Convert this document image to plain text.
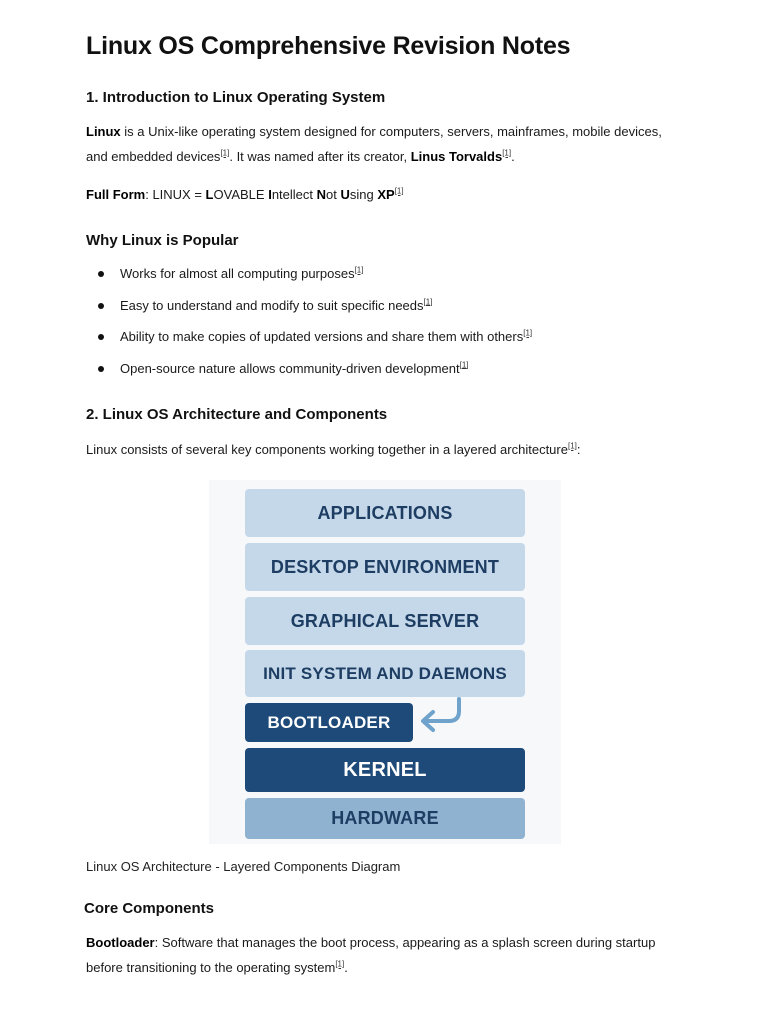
Linux OS Comprehensive Revision Notes
1. Introduction to Linux Operating System

Linux is a Unix-like operating system designed for computers, servers, mainframes, mobile devices, and embedded devices[1]. It was named after its creator, Linus Torvalds[1].

Full Form: LINUX = LOVABLE Intellect Not Using XP[1]

Why Linux is Popular
Works for almost all computing purposes[1]
Easy to understand and modify to suit specific needs[1]
Ability to make copies of updated versions and share them with others[1]
Open-source nature allows community-driven development[1]
2. Linux OS Architecture and Components

Linux consists of several key components working together in a layered architecture[1]:

APPLICATIONS
DESKTOP ENVIRONMENT
GRAPHICAL SERVER
INIT SYSTEM AND DAEMONS
BOOTLOADER
KERNEL
HARDWARE

Linux OS Architecture - Layered Components Diagram

Core Components

Bootloader: Software that manages the boot process, appearing as a splash screen during startup before transitioning to the operating system[1].
